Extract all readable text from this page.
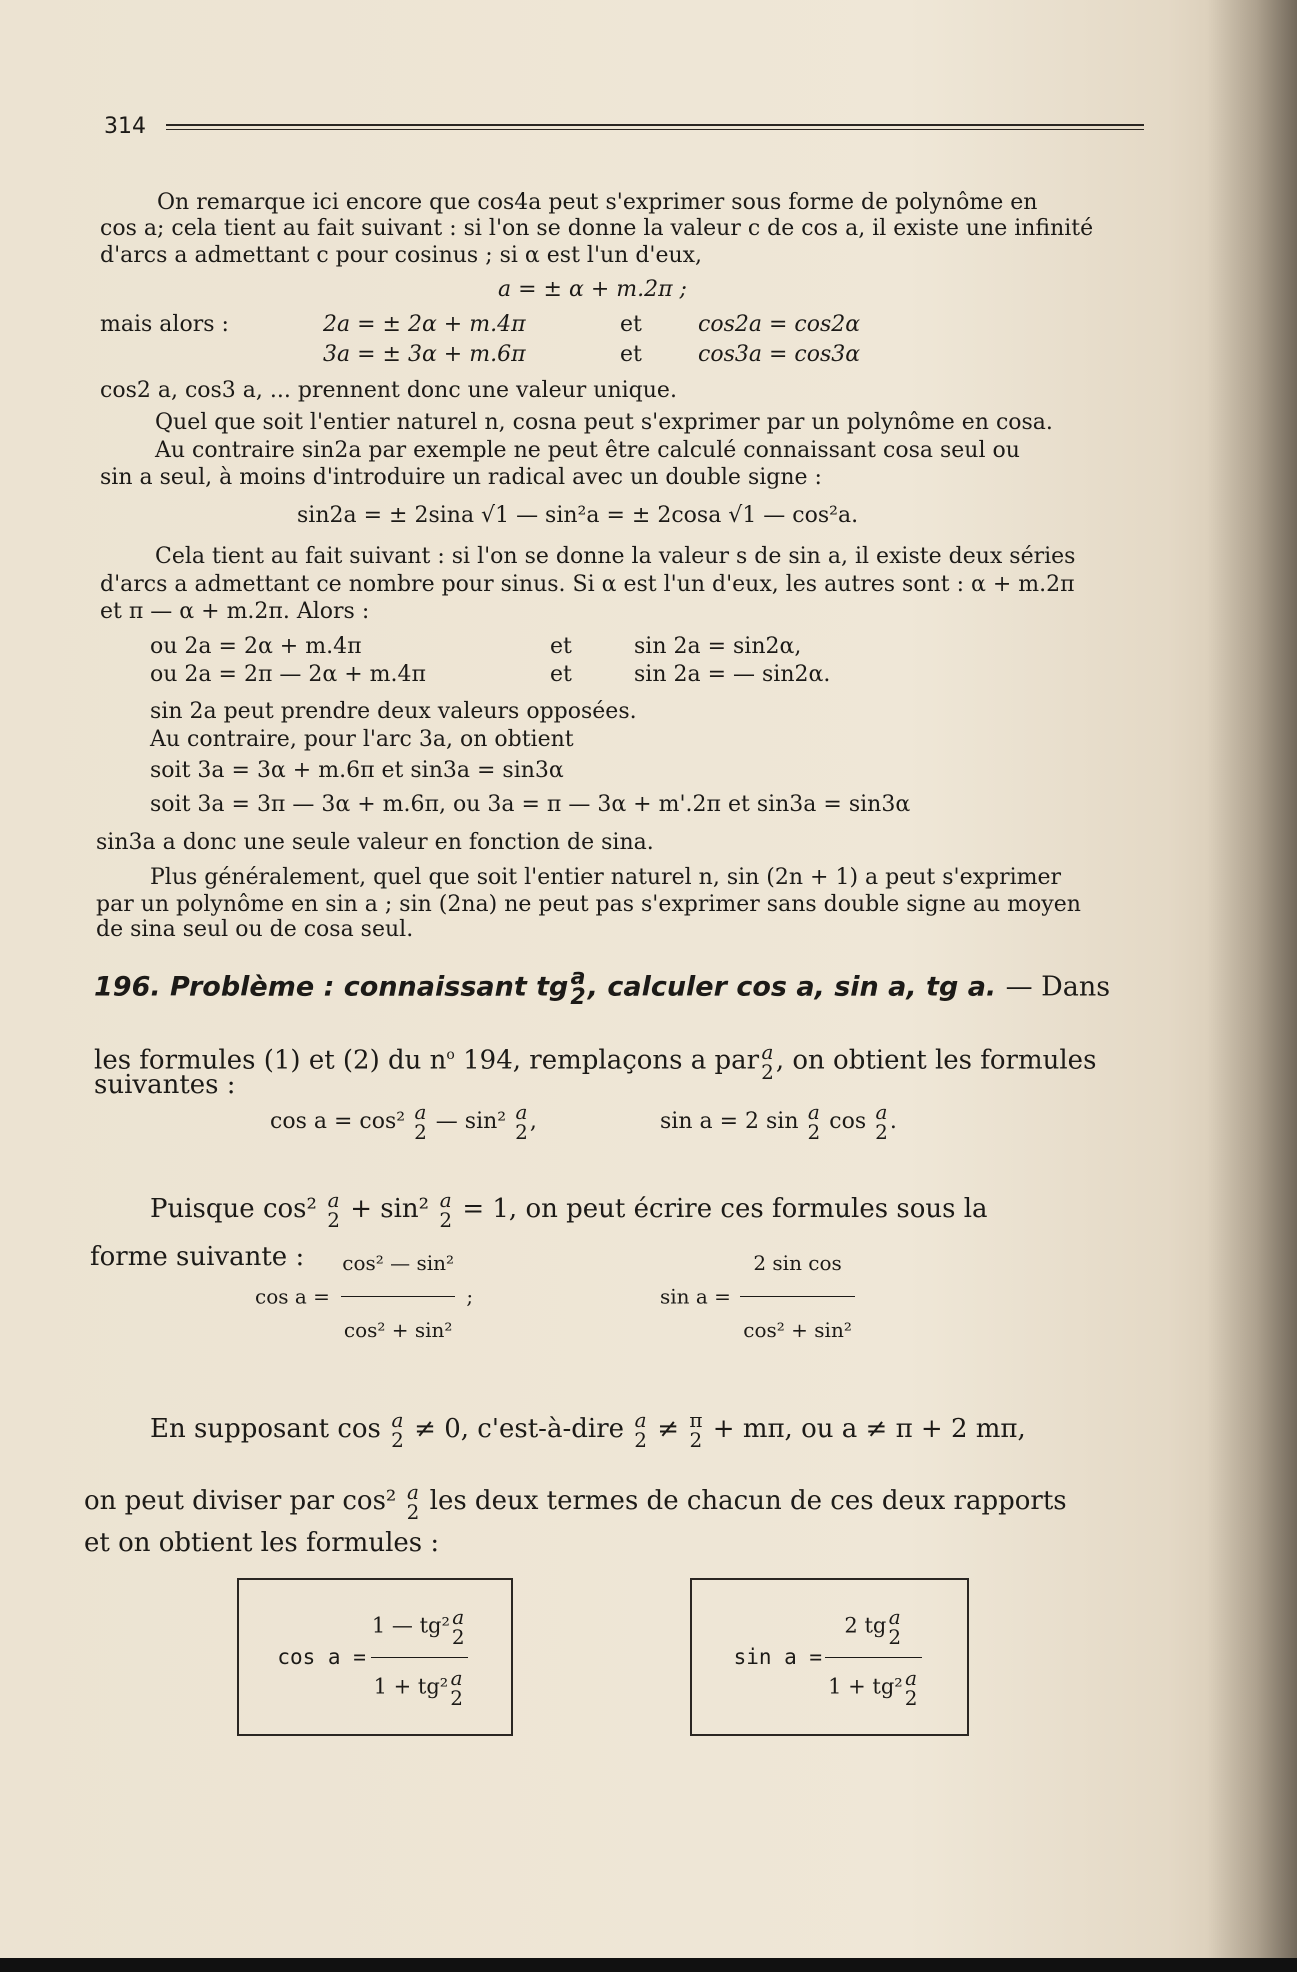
314
On remarque ici encore que cos4a peut s'exprimer sous forme de polynôme en
cos a; cela tient au fait suivant : si l'on se donne la valeur c de cos a, il existe une infinité
d'arcs a admettant c pour cosinus ; si α est l'un d'eux,
a = ± α + m.2π ;
mais alors :	2a = ± 2α + m.4π	et	cos2a = cos2α
3a = ± 3α + m.6π	et	cos3a = cos3α
cos2 a, cos3 a, ... prennent donc une valeur unique.
Quel que soit l'entier naturel n, cosna peut s'exprimer par un polynôme en cosa.
Au contraire sin2a par exemple ne peut être calculé connaissant cosa seul ou
sin a seul, à moins d'introduire un radical avec un double signe :
sin2a = ± 2sina √1 — sin²a = ± 2cosa √1 — cos²a.
Cela tient au fait suivant : si l'on se donne la valeur s de sin a, il existe deux séries
d'arcs a admettant ce nombre pour sinus. Si α est l'un d'eux, les autres sont : α + m.2π
et π — α + m.2π. Alors :
ou 2a = 2α + m.4π	et	sin 2a = sin2α,
ou 2a = 2π — 2α + m.4π	et	sin 2a = — sin2α.
sin 2a peut prendre deux valeurs opposées.
Au contraire, pour l'arc 3a, on obtient
soit 3a = 3α + m.6π et sin3a = sin3α
soit 3a = 3π — 3α + m.6π, ou 3a = π — 3α + m'.2π et sin3a = sin3α
sin3a a donc une seule valeur en fonction de sina.
Plus généralement, quel que soit l'entier naturel n, sin (2n + 1) a peut s'exprimer
par un polynôme en sin a ; sin (2na) ne peut pas s'exprimer sans double signe au moyen
de sina seul ou de cosa seul.
196. Problème : connaissant tg a
2 , calculer cos a, sin a, tg a. — Dans
les formules (1) et (2) du $n^o$ 194, remplaçons a par a
2 , on obtient les formules
suivantes :
cos a = cos² a
2 — sin² a
2 ,	sin a = 2 sin a
2 cos a
2 .
Puisque cos² a
2 + sin² a
2 = 1, on peut écrire ces formules sous la
forme suivante :
$\cos a = \frac{\text{cos² — sin²}}{\text{cos² + sin²}}$ ;	$\sin a = \frac{\text{2 sin cos}}{\text{cos² + sin²}}$
En supposant cos a
2 ≠ 0, c'est-à-dire a
2 ≠ π
2 + mπ, ou a ≠ π + 2 mπ,
on peut diviser par cos² a
2 les deux termes de chacun de ces deux rapports
et on obtient les formules :
cos a = 1 — tg² a
2
1 + tg² a
2	sin a = 2 tg a
2
1 + tg² a
2
